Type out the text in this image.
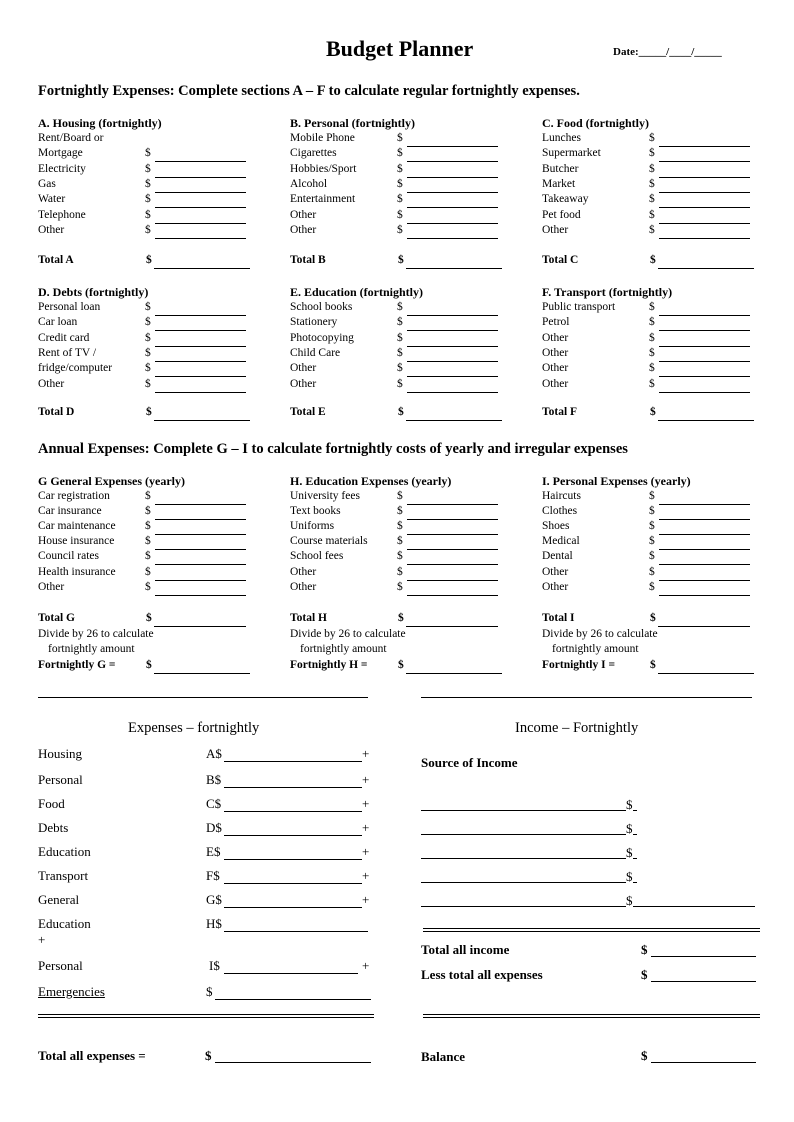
Budget Planner	Date:_____/____/_____
Fortnightly Expenses: Complete sections A – F to calculate regular fortnightly expenses.
A. Housing (fortnightly)
Rent/Board or
Mortgage	$
Electricity	$
Gas	$
Water	$
Telephone	$
Other	$
Total A	$
B. Personal (fortnightly)
Mobile Phone	$
Cigarettes	$
Hobbies/Sport	$
Alcohol	$
Entertainment	$
Other	$
Other	$
Total B	$
C. Food (fortnightly)
Lunches	$
Supermarket	$
Butcher	$
Market	$
Takeaway	$
Pet food	$
Other	$
Total C	$
D. Debts (fortnightly)
Personal loan	$
Car loan	$
Credit card	$
Rent of TV /	$
fridge/computer	$
Other	$
Total D	$
E. Education (fortnightly)
School books	$
Stationery	$
Photocopying	$
Child Care	$
Other	$
Other	$
Total E	$
F. Transport (fortnightly)
Public transport	$
Petrol	$
Other	$
Other	$
Other	$
Other	$
Total F	$
Annual Expenses: Complete G – I to calculate fortnightly costs of yearly and irregular expenses
G General Expenses (yearly)
Car registration	$
Car insurance	$
Car maintenance	$
House insurance	$
Council rates	$
Health insurance	$
Other	$
Total G	$
Divide by 26 to calculate
fortnightly amount
Fortnightly G =	$
H. Education Expenses (yearly)
University fees	$
Text books	$
Uniforms	$
Course materials	$
School fees	$
Other	$
Other	$
Total H	$
Divide by 26 to calculate
fortnightly amount
Fortnightly H =	$
I. Personal Expenses (yearly)
Haircuts	$
Clothes	$
Shoes	$
Medical	$
Dental	$
Other	$
Other	$
Total I	$
Divide by 26 to calculate
fortnightly amount
Fortnightly I =	$
Expenses – fortnightly	Income – Fortnightly
Housing	A$	+
Personal	B$	+
Food	C$	+
Debts	D$	+
Education	E$	+
Transport	F$	+
General	G$	+
Education	H$
+
Personal	I$	+
Emergencies	$
Source of Income
$
$
$
$
$
Total all income	$
Less total all expenses	$
Total all expenses =	$	Balance	$
